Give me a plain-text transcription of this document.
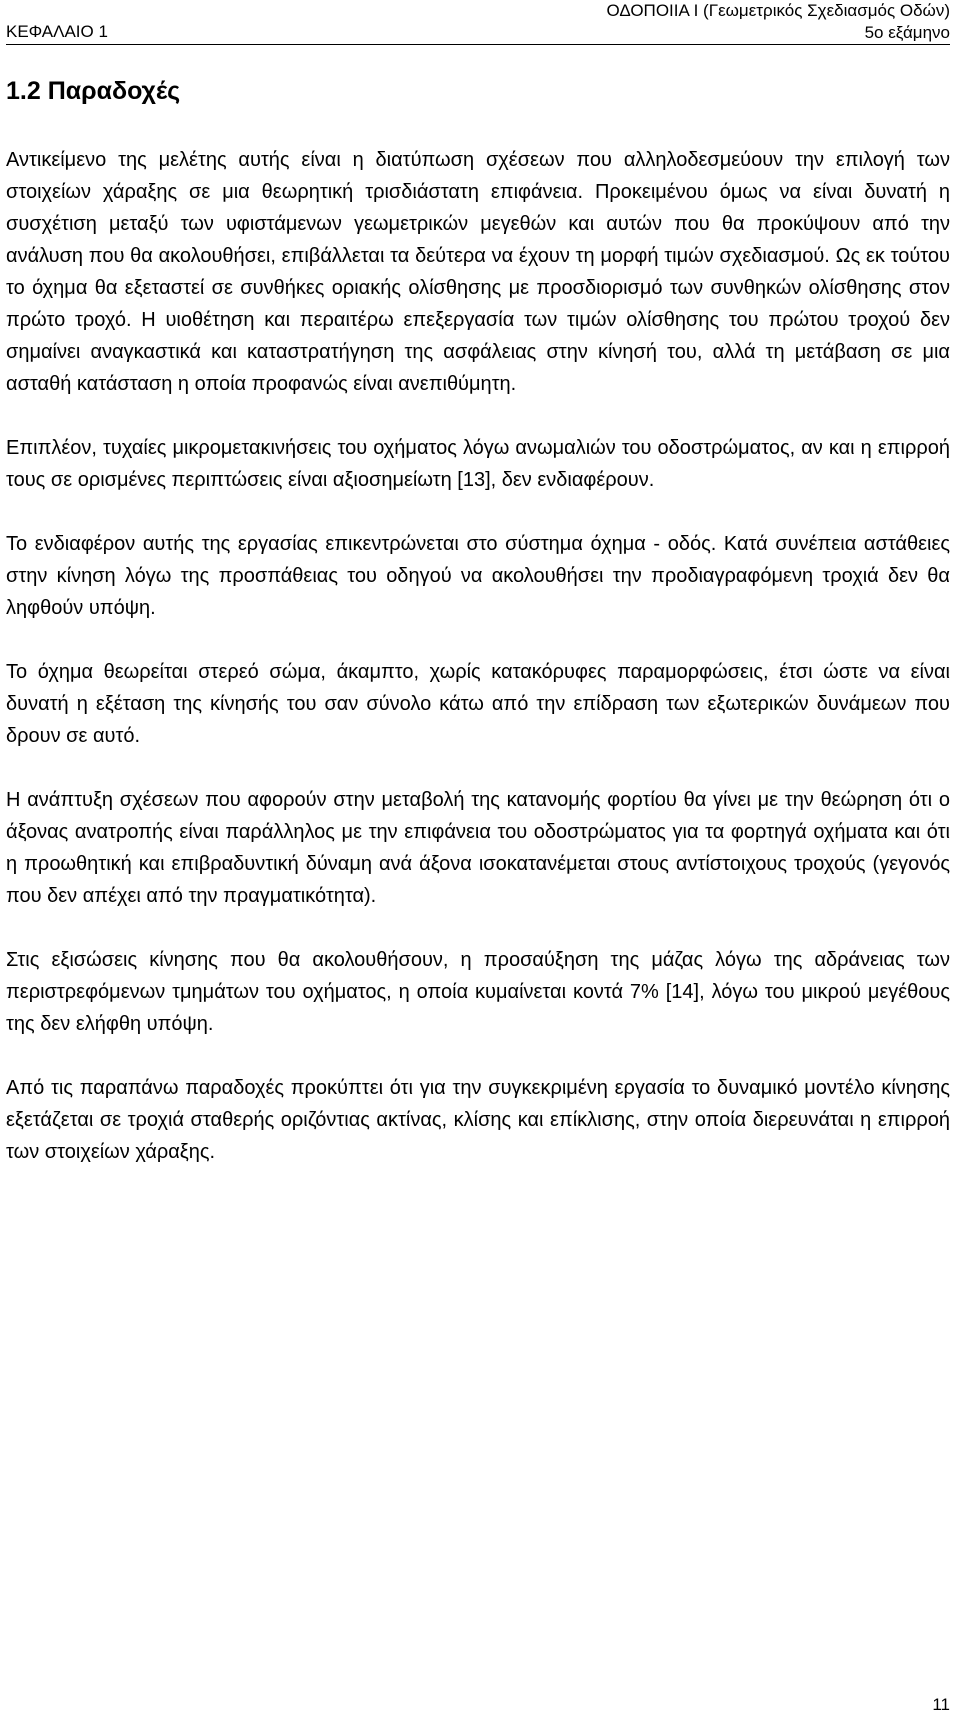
ΚΕΦΑΛΑΙΟ 1
ΟΔΟΠΟΙΙΑ Ι (Γεωμετρικός Σχεδιασμός Οδών)
5ο εξάμηνο
1.2 Παραδοχές

Αντικείμενο της μελέτης αυτής είναι η διατύπωση σχέσεων που αλληλοδεσμεύουν την επιλογή των στοιχείων χάραξης σε μια θεωρητική τρισδιάστατη επιφάνεια. Προκειμένου όμως να είναι δυνατή η συσχέτιση μεταξύ των υφιστάμενων γεωμετρικών μεγεθών και αυτών που θα προκύψουν από την ανάλυση που θα ακολουθήσει, επιβάλλεται τα δεύτερα να έχουν τη μορφή τιμών σχεδιασμού. Ως εκ τούτου το όχημα θα εξεταστεί σε συνθήκες οριακής ολίσθησης με προσδιορισμό των συνθηκών ολίσθησης στον πρώτο τροχό. Η υιοθέτηση και περαιτέρω επεξεργασία των τιμών ολίσθησης του πρώτου τροχού δεν σημαίνει αναγκαστικά και καταστρατήγηση της ασφάλειας στην κίνησή του, αλλά τη μετάβαση σε μια ασταθή κατάσταση η οποία προφανώς είναι ανεπιθύμητη.

Επιπλέον, τυχαίες μικρομετακινήσεις του οχήματος λόγω ανωμαλιών του οδοστρώματος, αν και η επιρροή τους σε ορισμένες περιπτώσεις είναι αξιοσημείωτη [13], δεν ενδιαφέρουν.

Το ενδιαφέρον αυτής της εργασίας επικεντρώνεται στο σύστημα όχημα - οδός. Κατά συνέπεια αστάθειες στην κίνηση λόγω της προσπάθειας του οδηγού να ακολουθήσει την προδιαγραφόμενη τροχιά δεν θα ληφθούν υπόψη.

Το όχημα θεωρείται στερεό σώμα, άκαμπτο, χωρίς κατακόρυφες παραμορφώσεις, έτσι ώστε να είναι δυνατή η εξέταση της κίνησής του σαν σύνολο κάτω από την επίδραση των εξωτερικών δυνάμεων που δρουν σε αυτό.

Η ανάπτυξη σχέσεων που αφορούν στην μεταβολή της κατανομής φορτίου θα γίνει με την θεώρηση ότι ο άξονας ανατροπής είναι παράλληλος με την επιφάνεια του οδοστρώματος για τα φορτηγά οχήματα και ότι η προωθητική και επιβραδυντική δύναμη ανά άξονα ισοκατανέμεται στους αντίστοιχους τροχούς (γεγονός που δεν απέχει από την πραγματικότητα).

Στις εξισώσεις κίνησης που θα ακολουθήσουν, η προσαύξηση της μάζας λόγω της αδράνειας των περιστρεφόμενων τμημάτων του οχήματος, η οποία κυμαίνεται κοντά 7% [14], λόγω του μικρού μεγέθους της δεν ελήφθη υπόψη.

Από τις παραπάνω παραδοχές προκύπτει ότι για την συγκεκριμένη εργασία το δυναμικό μοντέλο κίνησης εξετάζεται σε τροχιά σταθερής οριζόντιας ακτίνας, κλίσης και επίκλισης, στην οποία διερευνάται η επιρροή των στοιχείων χάραξης.

11
